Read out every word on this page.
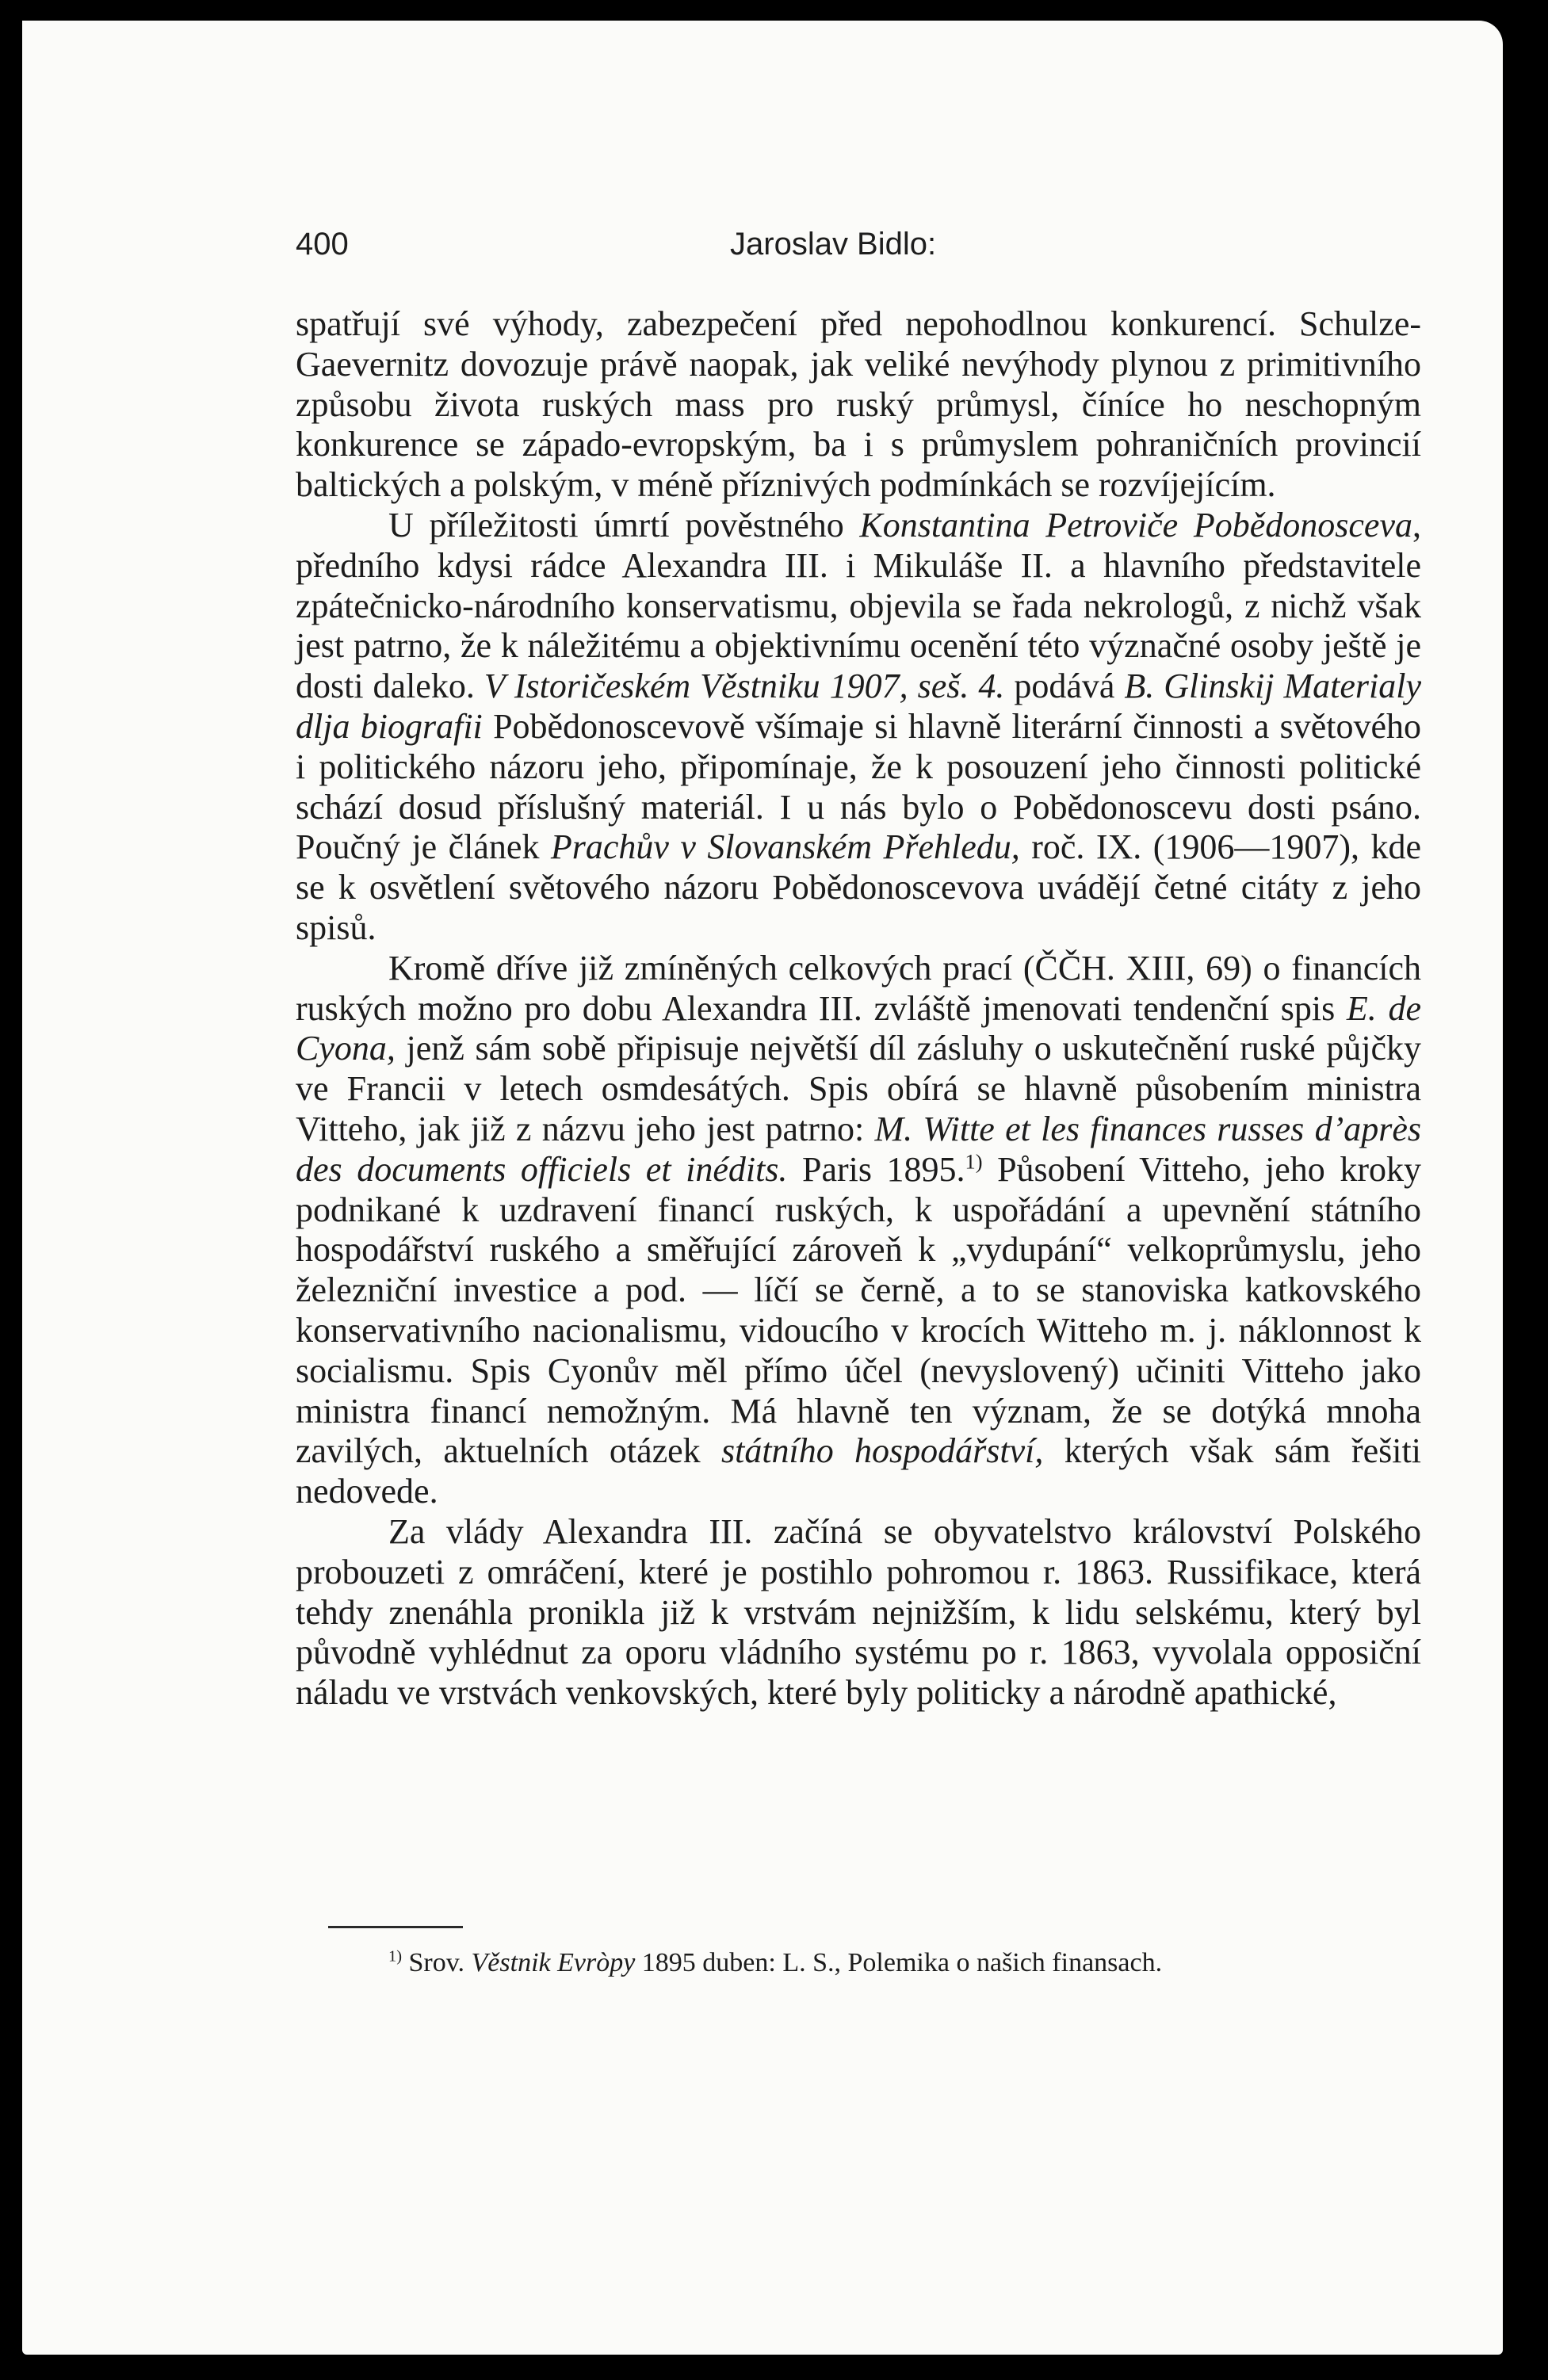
400	Jaroslav Bidlo:

spatřují své výhody, zabezpečení před nepohodlnou konkurencí. Schulze-Gaevernitz dovozuje právě naopak, jak veliké nevýhody plynou z primitivního způsobu života ruských mass pro ruský průmysl, číníce ho neschopným konkurence se západo-evropským, ba i s průmyslem pohraničních provincií baltických a polským, v méně příznivých podmínkách se rozvíjejícím.

U příležitosti úmrtí pověstného Konstantina Petroviče Pobědonosceva, předního kdysi rádce Alexandra III. i Mikuláše II. a hlavního představitele zpátečnicko-národního konservatismu, objevila se řada nekrologů, z nichž však jest patrno, že k náležitému a objektivnímu ocenění této význačné osoby ještě je dosti daleko. V Istoričeském Věstniku 1907, seš. 4. podává B. Glinskij Materialy dlja biografii Pobědonoscevově všímaje si hlavně literární činnosti a světového i politického názoru jeho, připomínaje, že k posouzení jeho činnosti politické schází dosud příslušný materiál. I u nás bylo o Pobědonoscevu dosti psáno. Poučný je článek Prachův v Slovanském Přehledu, roč. IX. (1906—1907), kde se k osvětlení světového názoru Pobědonoscevova uvádějí četné citáty z jeho spisů.

Kromě dříve již zmíněných celkových prací (ČČH. XIII, 69) o financích ruských možno pro dobu Alexandra III. zvláště jmenovati tendenční spis E. de Cyona, jenž sám sobě připisuje největší díl zásluhy o uskutečnění ruské půjčky ve Francii v letech osmdesátých. Spis obírá se hlavně působením ministra Vitteho, jak již z názvu jeho jest patrno: M. Witte et les finances russes d’après des documents officiels et inédits. Paris 1895.$^{1)}$ Působení Vitteho, jeho kroky podnikané k uzdravení financí ruských, k uspořádání a upevnění státního hospodářství ruského a směřující zároveň k „vydupání“ velkoprůmyslu, jeho železniční investice a pod. — líčí se černě, a to se stanoviska katkovského konservativního nacionalismu, vidoucího v krocích Witteho m. j. náklonnost k socialismu. Spis Cyonův měl přímo účel (nevyslovený) učiniti Vitteho jako ministra financí nemožným. Má hlavně ten význam, že se dotýká mnoha zavilých, aktuelních otázek státního hospodářství, kterých však sám řešiti nedovede.

Za vlády Alexandra III. začíná se obyvatelstvo království Polského probouzeti z omráčení, které je postihlo pohromou r. 1863. Russifikace, která tehdy znenáhla pronikla již k vrstvám nejnižším, k lidu selskému, který byl původně vyhlédnut za oporu vládního systému po r. 1863, vyvolala opposiční náladu ve vrstvách venkovských, které byly politicky a národně apathické,

$^{1)}$ Srov. Věstnik Evròpy 1895 duben: L. S., Polemika o našich finansach.
